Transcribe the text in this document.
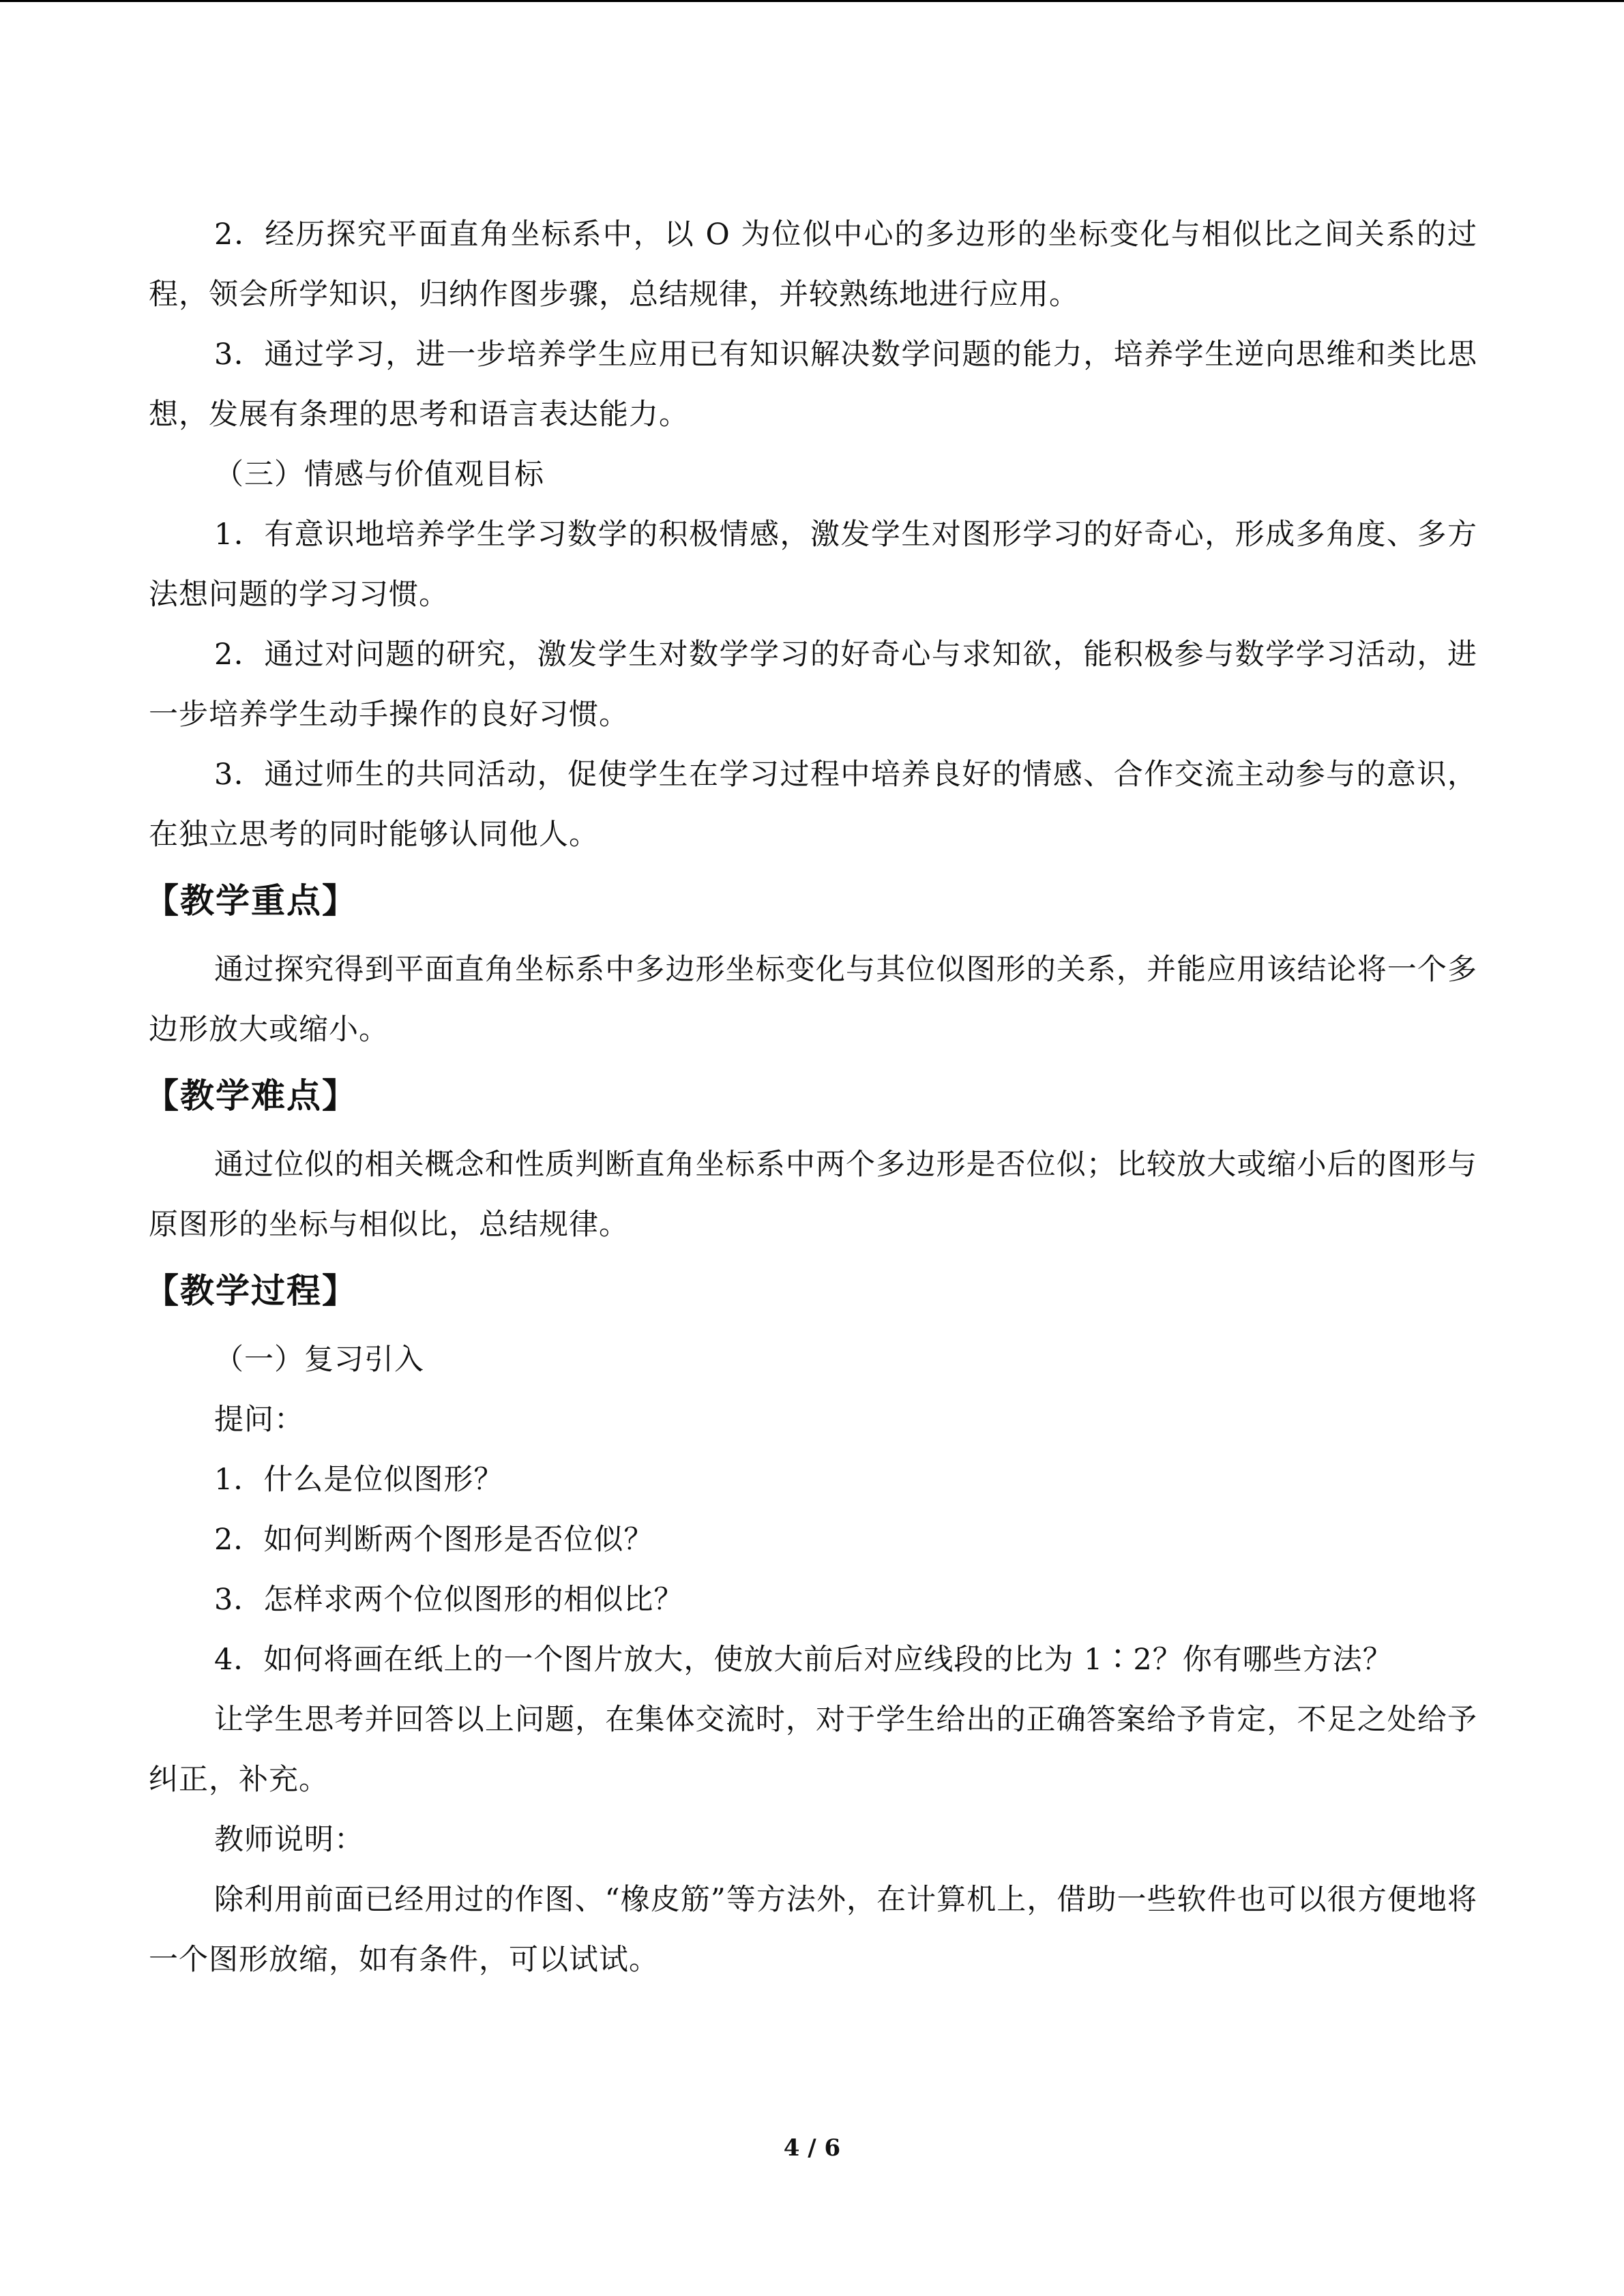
2．经历探究平面直角坐标系中，以 O 为位似中心的多边形的坐标变化与相似比之间关系的过程，领会所学知识，归纳作图步骤，总结规律，并较熟练地进行应用。

3．通过学习，进一步培养学生应用已有知识解决数学问题的能力，培养学生逆向思维和类比思想，发展有条理的思考和语言表达能力。

（三）情感与价值观目标

1．有意识地培养学生学习数学的积极情感，激发学生对图形学习的好奇心，形成多角度、多方法想问题的学习习惯。

2．通过对问题的研究，激发学生对数学学习的好奇心与求知欲，能积极参与数学学习活动，进一步培养学生动手操作的良好习惯。

3．通过师生的共同活动，促使学生在学习过程中培养良好的情感、合作交流主动参与的意识，在独立思考的同时能够认同他人。

【教学重点】

通过探究得到平面直角坐标系中多边形坐标变化与其位似图形的关系，并能应用该结论将一个多边形放大或缩小。

【教学难点】

通过位似的相关概念和性质判断直角坐标系中两个多边形是否位似；比较放大或缩小后的图形与原图形的坐标与相似比，总结规律。

【教学过程】

（一）复习引入

提问：

1．什么是位似图形？

2．如何判断两个图形是否位似？

3．怎样求两个位似图形的相似比？

4．如何将画在纸上的一个图片放大，使放大前后对应线段的比为 1∶2？你有哪些方法？

让学生思考并回答以上问题，在集体交流时，对于学生给出的正确答案给予肯定，不足之处给予纠正，补充。

教师说明：

除利用前面已经用过的作图、“橡皮筋”等方法外，在计算机上，借助一些软件也可以很方便地将一个图形放缩，如有条件，可以试试。

4 / 6
